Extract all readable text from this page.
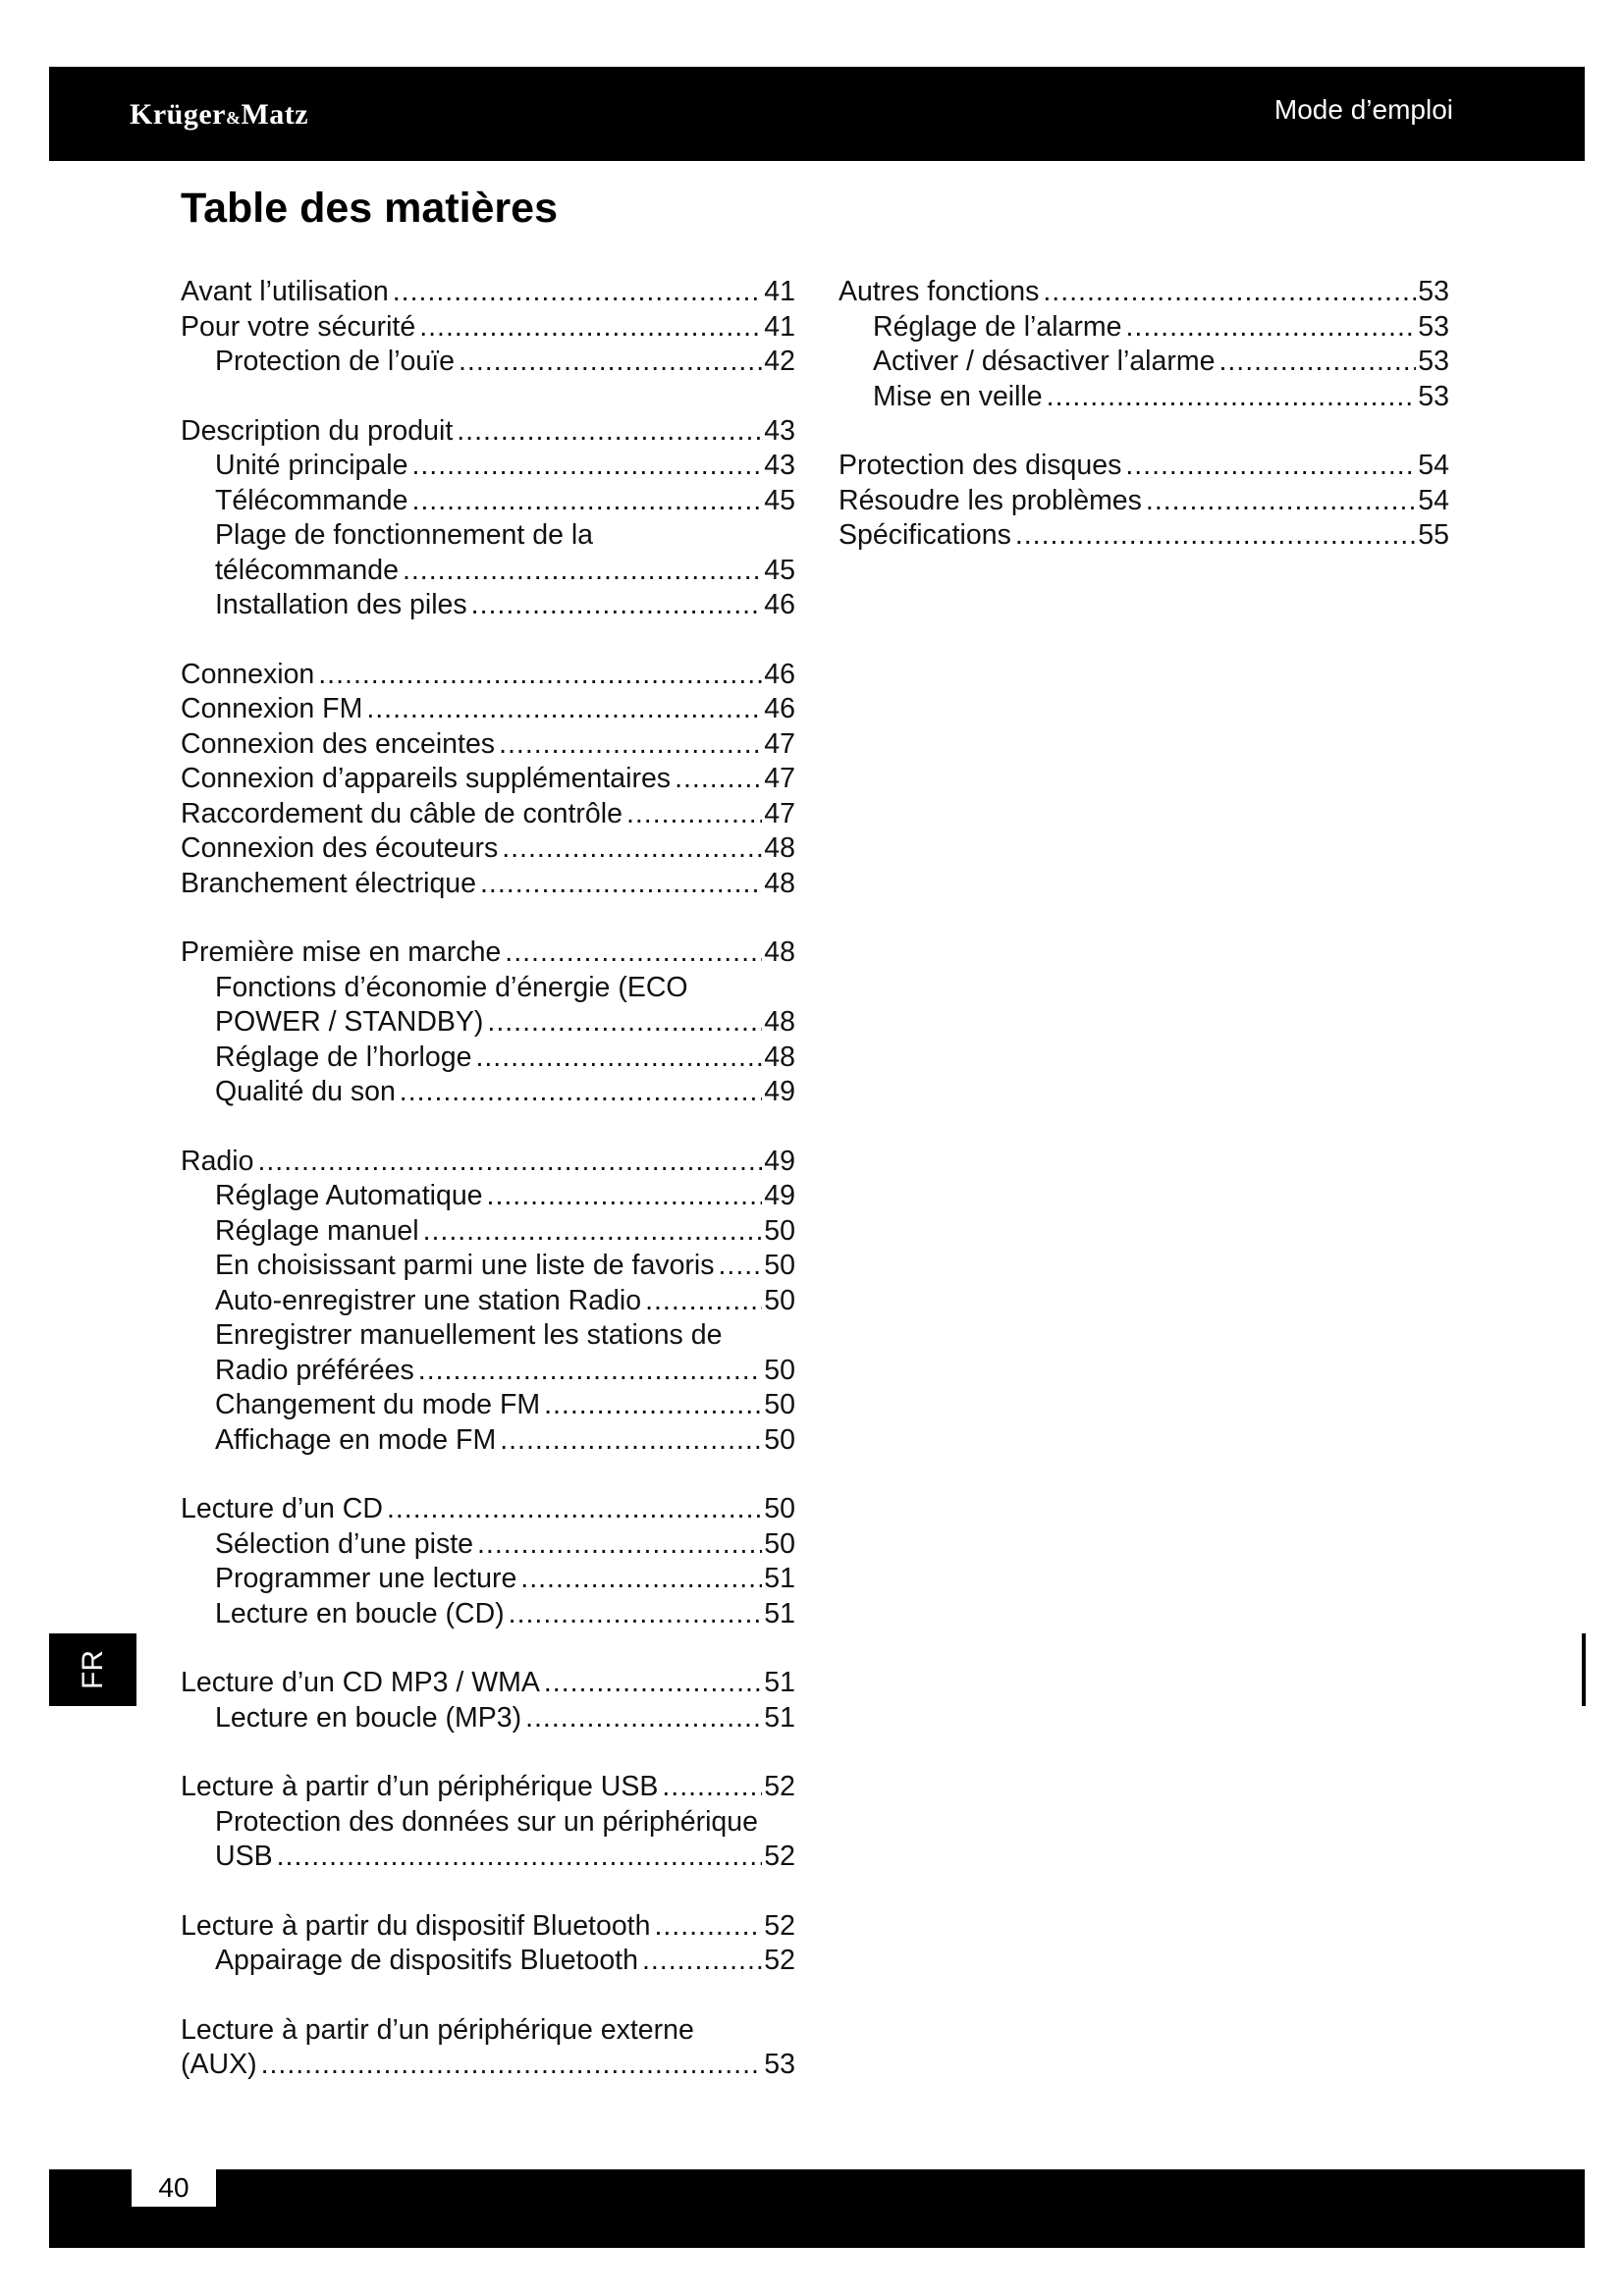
Krüger&Matz	Mode d’emploi
Table des matières
Avant l’utilisation .....	41
Pour votre sécurité .....	41
Protection de l’ouïe .....	42
Description du produit .....	43
Unité principale .....	43
Télécommande .....	45
Plage de fonctionnement de la
télécommande .....	45
Installation des piles .....	46
Connexion .....	46
Connexion FM .....	46
Connexion des enceintes .....	47
Connexion d’appareils supplémentaires .....	47
Raccordement du câble de contrôle .....	47
Connexion des écouteurs .....	48
Branchement électrique .....	48
Première mise en marche .....	48
Fonctions d’économie d’énergie (ECO
POWER / STANDBY) .....	48
Réglage de l’horloge .....	48
Qualité du son .....	49
Radio .....	49
Réglage Automatique .....	49
Réglage manuel .....	50
En choisissant parmi une liste de favoris ..... 50
Auto-enregistrer une station Radio .....	50
Enregistrer manuellement les stations de
Radio préférées .....	50
Changement du mode FM .....	50
Affichage en mode FM .....	50
Lecture d’un CD .....	50
Sélection d’une piste .....	50
Programmer une lecture .....	51
Lecture en boucle (CD) .....	51
Lecture d’un CD MP3 / WMA .....	51
Lecture en boucle (MP3) .....	51
Lecture à partir d’un périphérique USB .....	52
Protection des données sur un périphérique
USB .....	52
Lecture à partir du dispositif Bluetooth .....	52
Appairage de dispositifs Bluetooth .....	52
Lecture à partir d’un périphérique externe
(AUX) .....	53
Autres fonctions .....	53
Réglage de l’alarme .....	53
Activer / désactiver l’alarme .....	53
Mise en veille .....	53
Protection des disques .....	54
Résoudre les problèmes .....	54
Spécifications .....	55
FR
40
